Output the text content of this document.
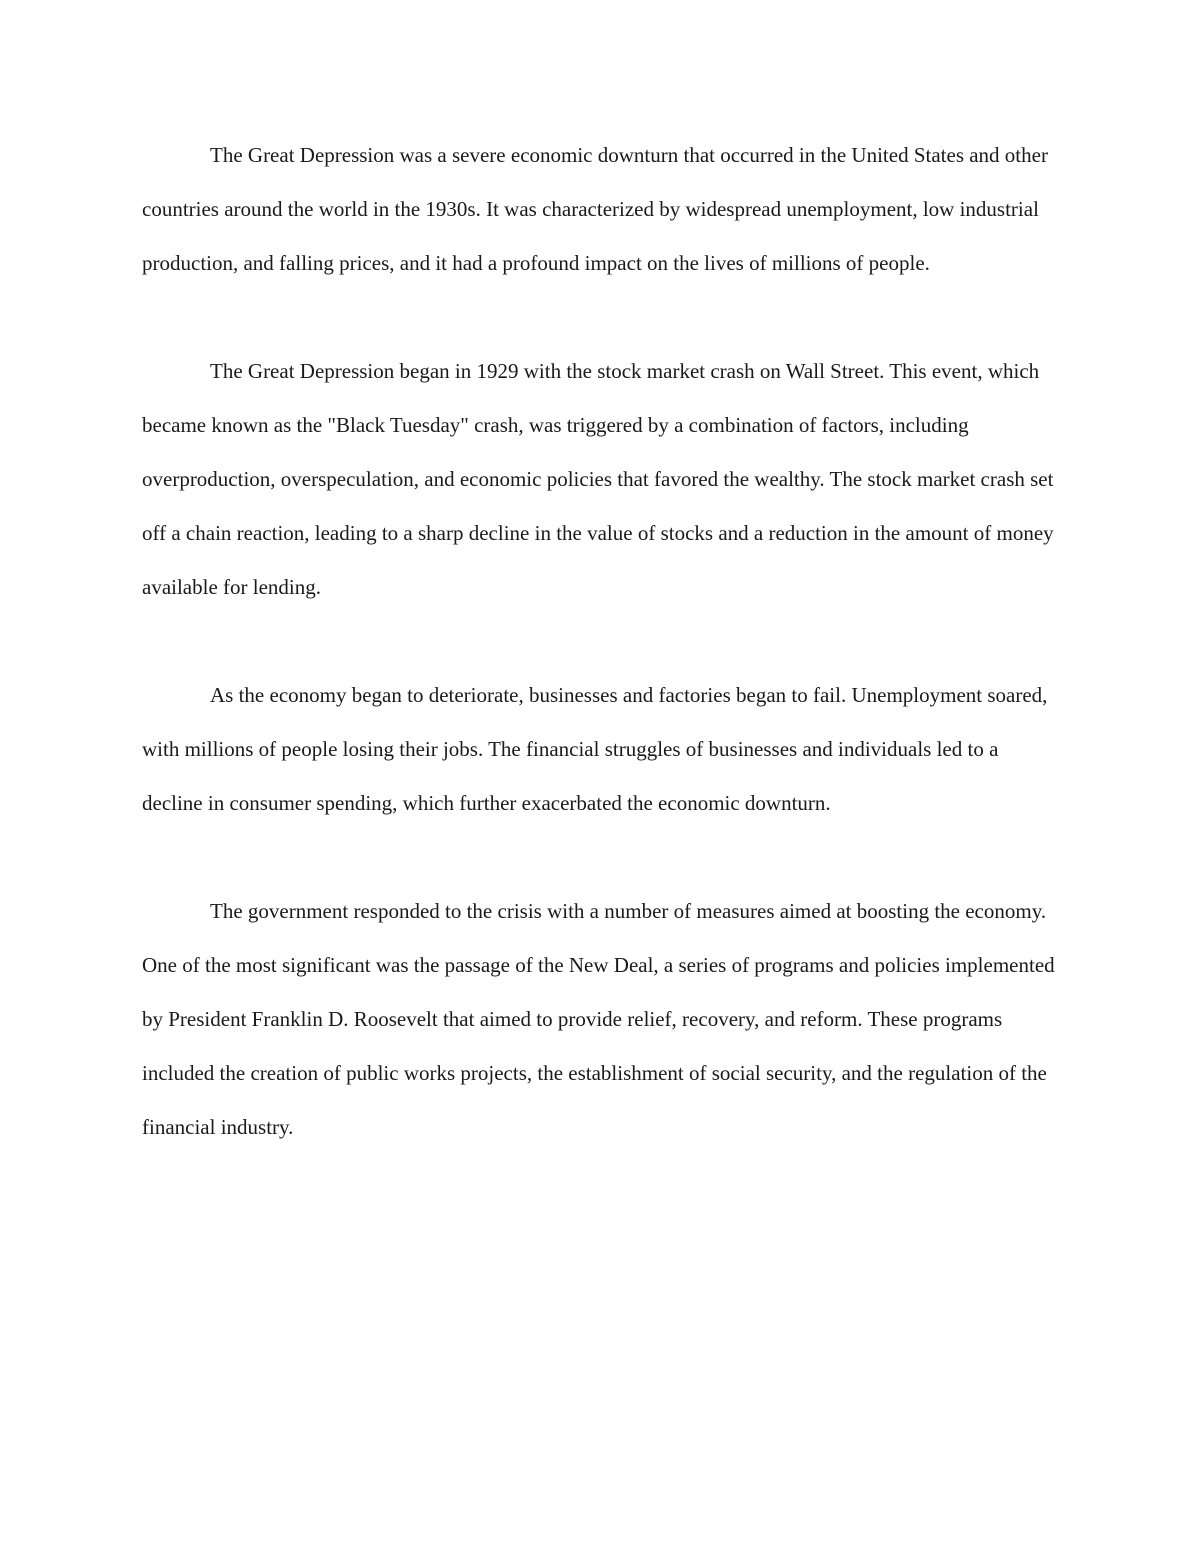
The Great Depression was a severe economic downturn that occurred in the United States and other countries around the world in the 1930s. It was characterized by widespread unemployment, low industrial production, and falling prices, and it had a profound impact on the lives of millions of people.

The Great Depression began in 1929 with the stock market crash on Wall Street. This event, which became known as the "Black Tuesday" crash, was triggered by a combination of factors, including overproduction, overspeculation, and economic policies that favored the wealthy. The stock market crash set off a chain reaction, leading to a sharp decline in the value of stocks and a reduction in the amount of money available for lending.

As the economy began to deteriorate, businesses and factories began to fail. Unemployment soared, with millions of people losing their jobs. The financial struggles of businesses and individuals led to a decline in consumer spending, which further exacerbated the economic downturn.

The government responded to the crisis with a number of measures aimed at boosting the economy. One of the most significant was the passage of the New Deal, a series of programs and policies implemented by President Franklin D. Roosevelt that aimed to provide relief, recovery, and reform. These programs included the creation of public works projects, the establishment of social security, and the regulation of the financial industry.
